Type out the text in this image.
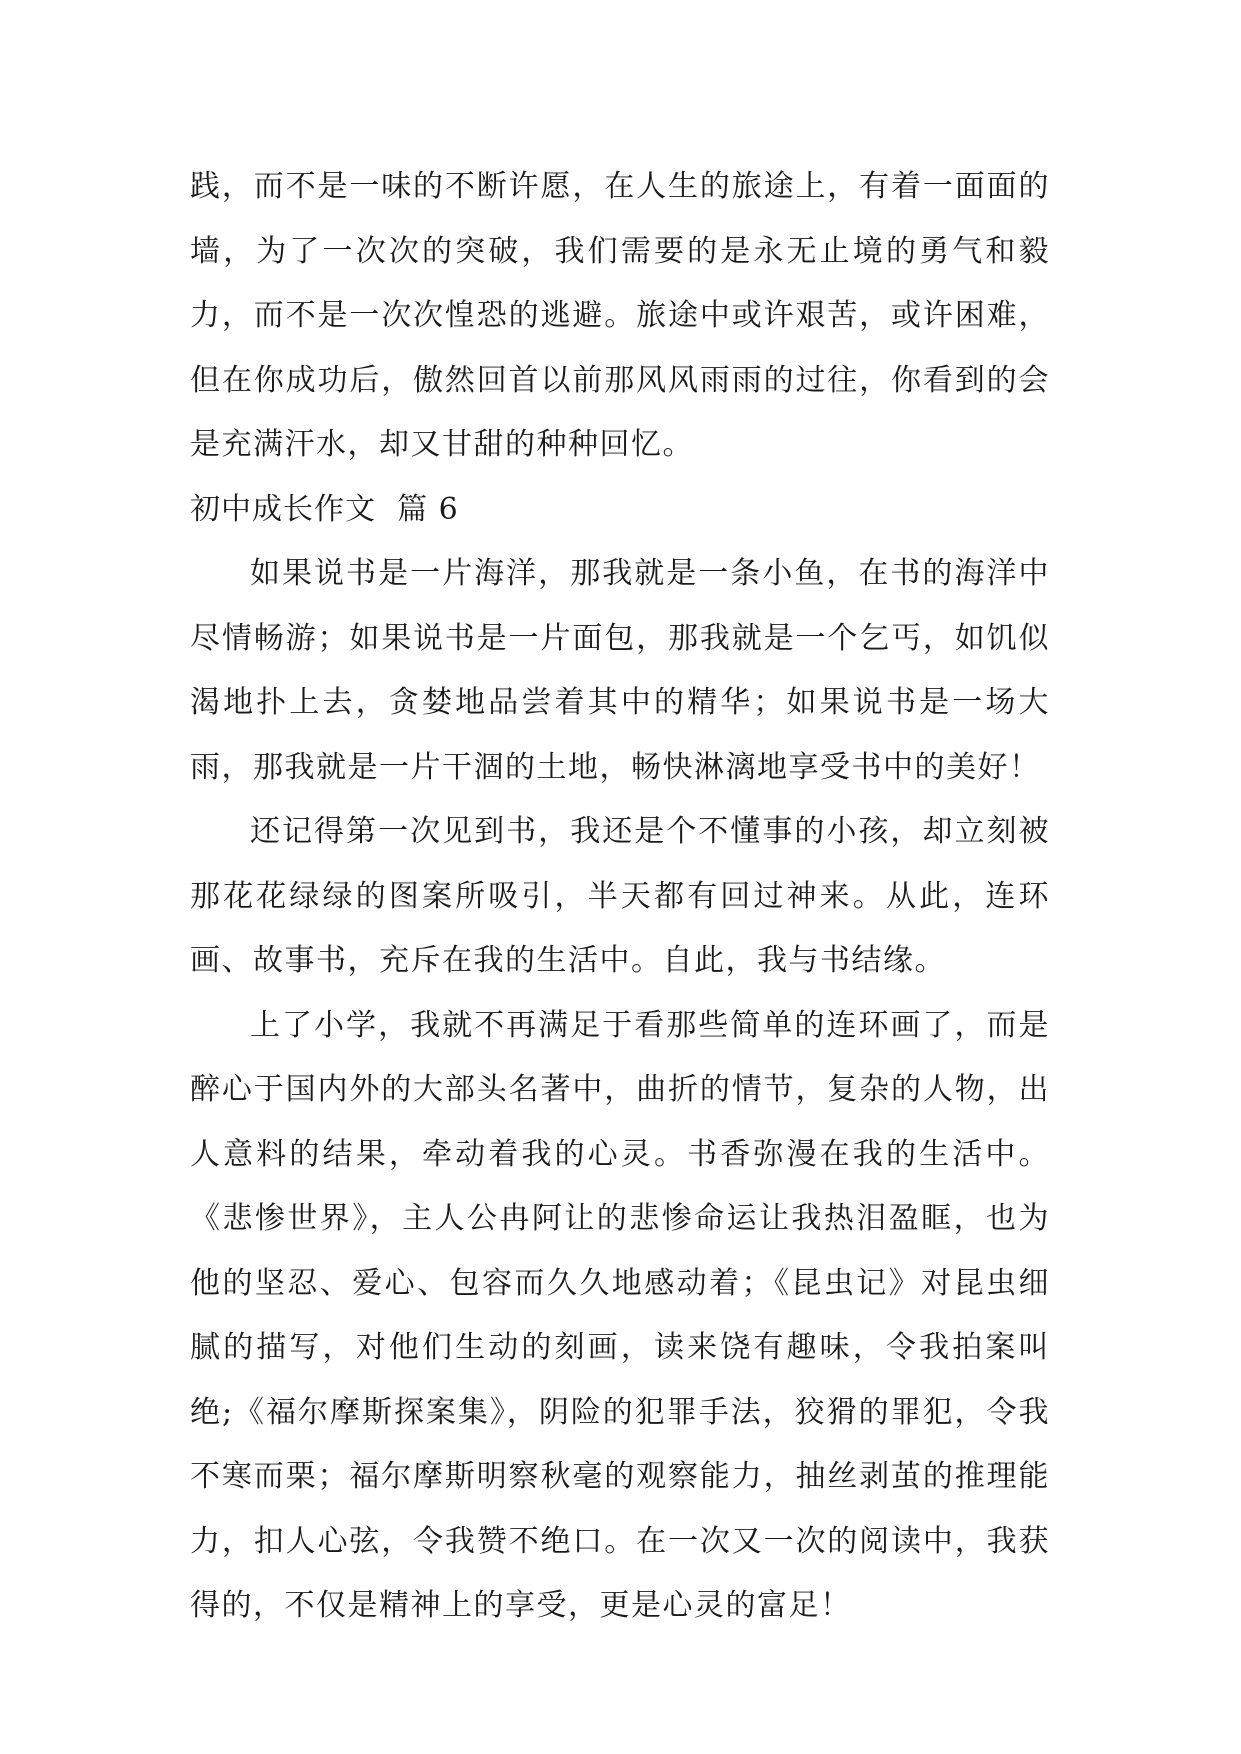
践，而不是一味的不断许愿，在人生的旅途上，有着一面面的墙，为了一次次的突破，我们需要的是永无止境的勇气和毅力，而不是一次次惶恐的逃避。旅途中或许艰苦，或许困难，但在你成功后，傲然回首以前那风风雨雨的过往，你看到的会是充满汗水，却又甘甜的种种回忆。

初中成长作文  篇 6

如果说书是一片海洋，那我就是一条小鱼，在书的海洋中尽情畅游；如果说书是一片面包，那我就是一个乞丐，如饥似渴地扑上去，贪婪地品尝着其中的精华；如果说书是一场大雨，那我就是一片干涸的土地，畅快淋漓地享受书中的美好！

还记得第一次见到书，我还是个不懂事的小孩，却立刻被那花花绿绿的图案所吸引，半天都有回过神来。从此，连环画、故事书，充斥在我的生活中。自此，我与书结缘。

上了小学，我就不再满足于看那些简单的连环画了，而是醉心于国内外的大部头名著中，曲折的情节，复杂的人物，出人意料的结果，牵动着我的心灵。书香弥漫在我的生活中。《悲惨世界》，主人公冉阿让的悲惨命运让我热泪盈眶，也为他的坚忍、爱心、包容而久久地感动着；《昆虫记》对昆虫细腻的描写，对他们生动的刻画，读来饶有趣味，令我拍案叫绝;《福尔摩斯探案集》，阴险的犯罪手法，狡猾的罪犯，令我不寒而栗；福尔摩斯明察秋毫的观察能力，抽丝剥茧的推理能力，扣人心弦，令我赞不绝口。在一次又一次的阅读中，我获得的，不仅是精神上的享受，更是心灵的富足！
